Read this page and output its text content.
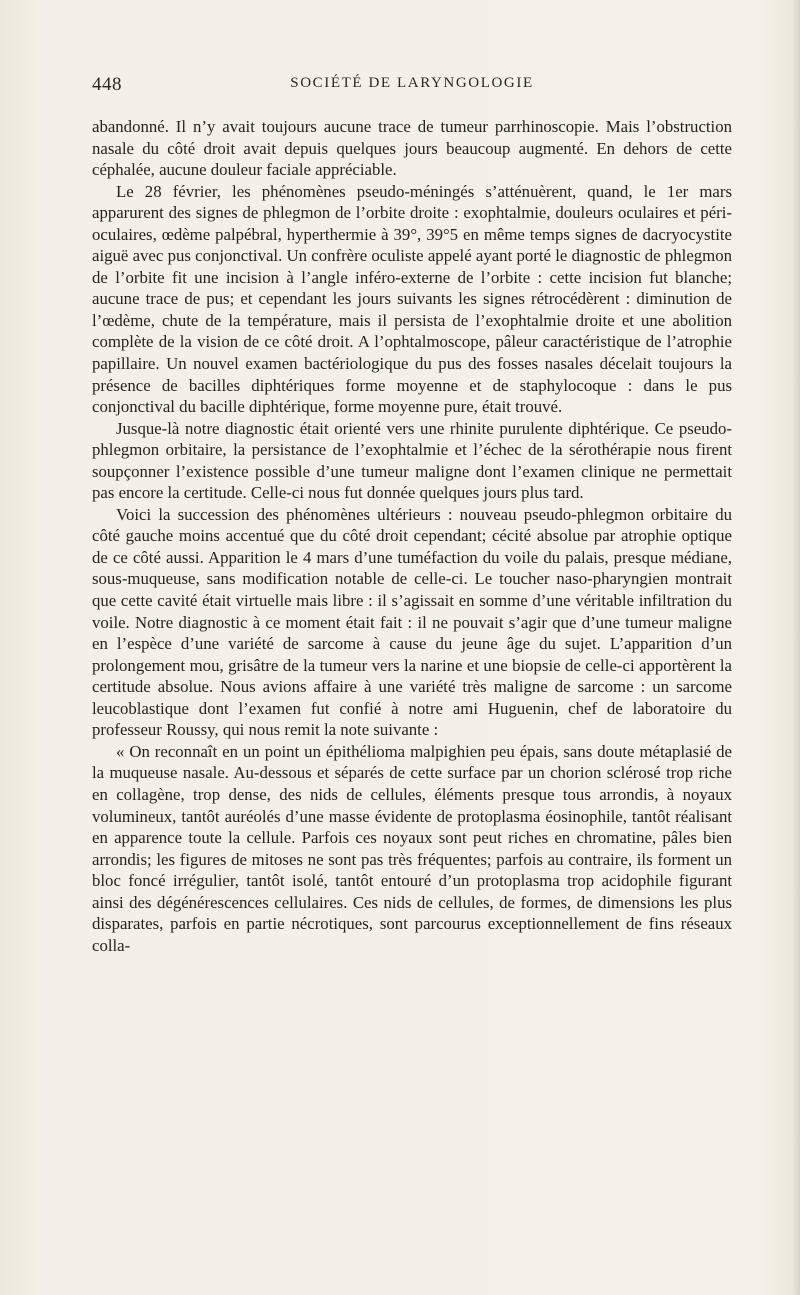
448	SOCIÉTÉ DE LARYNGOLOGIE

abandonné. Il n’y avait toujours aucune trace de tumeur parrhinoscopie. Mais l’obstruction nasale du côté droit avait depuis quelques jours beaucoup augmenté. En dehors de cette céphalée, aucune douleur faciale appréciable.

Le 28 février, les phénomènes pseudo-méningés s’atténuèrent, quand, le 1er mars apparurent des signes de phlegmon de l’orbite droite : exophtalmie, douleurs oculaires et péri-oculaires, œdème palpébral, hyperthermie à 39°, 39°5 en même temps signes de dacryocystite aiguë avec pus conjonctival. Un confrère oculiste appelé ayant porté le diagnostic de phlegmon de l’orbite fit une incision à l’angle inféro-externe de l’orbite : cette incision fut blanche; aucune trace de pus; et cependant les jours suivants les signes rétrocédèrent : diminution de l’œdème, chute de la température, mais il persista de l’exophtalmie droite et une abolition complète de la vision de ce côté droit. A l’ophtalmoscope, pâleur caractéristique de l’atrophie papillaire. Un nouvel examen bactériologique du pus des fosses nasales décelait toujours la présence de bacilles diphtériques forme moyenne et de staphylocoque : dans le pus conjonctival du bacille diphtérique, forme moyenne pure, était trouvé.

Jusque-là notre diagnostic était orienté vers une rhinite purulente diphtérique. Ce pseudo-phlegmon orbitaire, la persistance de l’exophtalmie et l’échec de la sérothérapie nous firent soupçonner l’existence possible d’une tumeur maligne dont l’examen clinique ne permettait pas encore la certitude. Celle-ci nous fut donnée quelques jours plus tard.

Voici la succession des phénomènes ultérieurs : nouveau pseudo-phlegmon orbitaire du côté gauche moins accentué que du côté droit cependant; cécité absolue par atrophie optique de ce côté aussi. Apparition le 4 mars d’une tuméfaction du voile du palais, presque médiane, sous-muqueuse, sans modification notable de celle-ci. Le toucher naso-pharyngien montrait que cette cavité était virtuelle mais libre : il s’agissait en somme d’une véritable infiltration du voile. Notre diagnostic à ce moment était fait : il ne pouvait s’agir que d’une tumeur maligne en l’espèce d’une variété de sarcome à cause du jeune âge du sujet. L’apparition d’un prolongement mou, grisâtre de la tumeur vers la narine et une biopsie de celle-ci apportèrent la certitude absolue. Nous avions affaire à une variété très maligne de sarcome : un sarcome leucoblastique dont l’examen fut confié à notre ami Huguenin, chef de laboratoire du professeur Roussy, qui nous remit la note suivante :

« On reconnaît en un point un épithélioma malpighien peu épais, sans doute métaplasié de la muqueuse nasale. Au-dessous et séparés de cette surface par un chorion sclérosé trop riche en collagène, trop dense, des nids de cellules, éléments presque tous arrondis, à noyaux volumineux, tantôt auréolés d’une masse évidente de protoplasma éosinophile, tantôt réalisant en apparence toute la cellule. Parfois ces noyaux sont peut riches en chromatine, pâles bien arrondis; les figures de mitoses ne sont pas très fréquentes; parfois au contraire, ils forment un bloc foncé irrégulier, tantôt isolé, tantôt entouré d’un protoplasma trop acidophile figurant ainsi des dégénérescences cellulaires. Ces nids de cellules, de formes, de dimensions les plus disparates, parfois en partie nécrotiques, sont parcourus exceptionnellement de fins réseaux colla-
